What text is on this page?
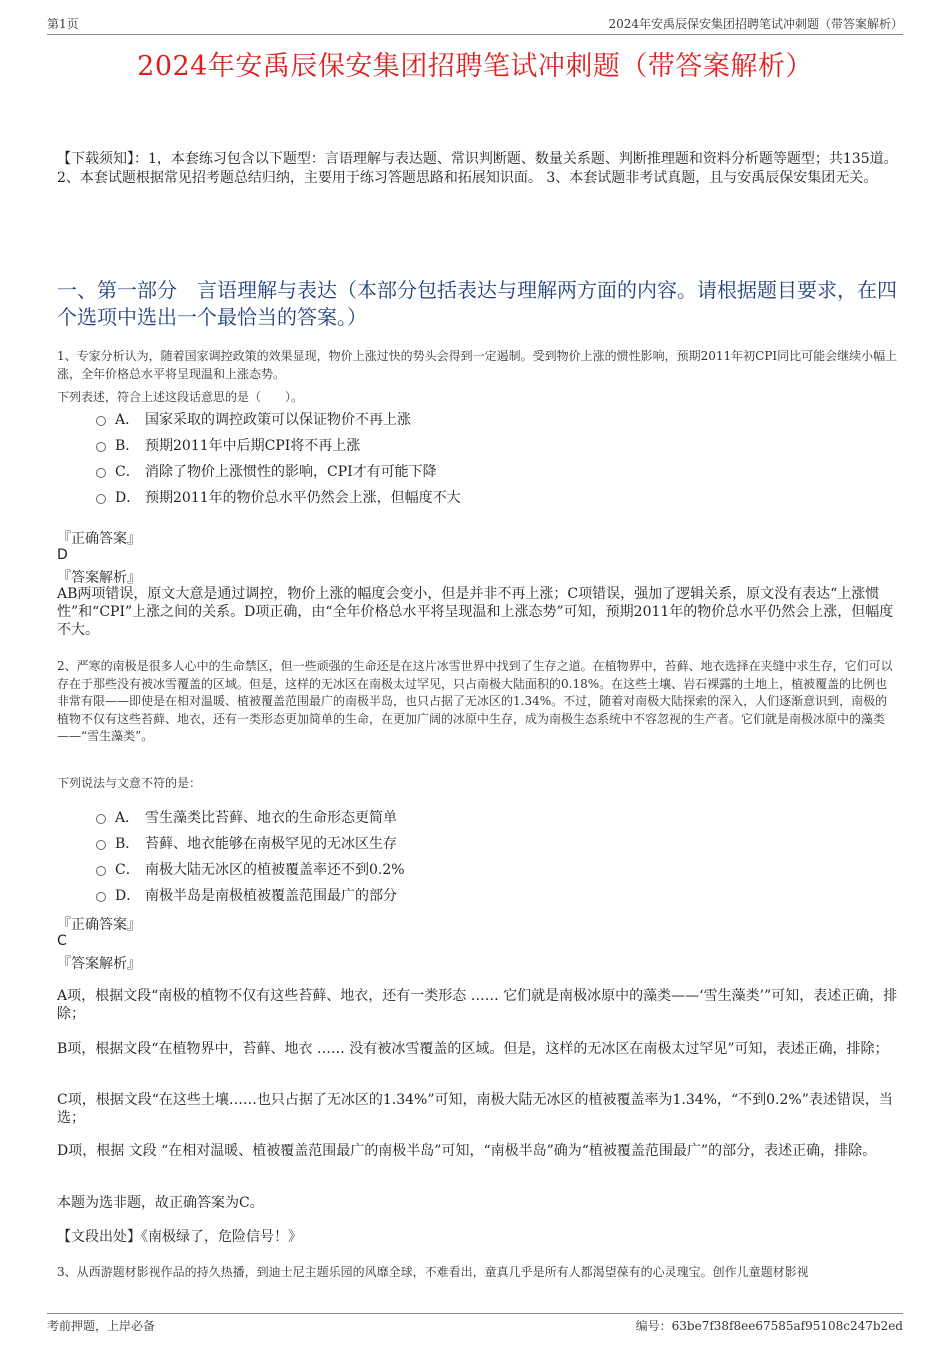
第1页	2024年安禹辰保安集团招聘笔试冲刺题（带答案解析）
2024年安禹辰保安集团招聘笔试冲刺题（带答案解析）
【下载须知】：1，本套练习包含以下题型：言语理解与表达题、常识判断题、数量关系题、判断推理题和资料分析题等题型；共135道。 2、本套试题根据常见招考题总结归纳，主要用于练习答题思路和拓展知识面。 3、本套试题非考试真题，且与安禹辰保安集团无关。
一、第一部分　言语理解与表达（本部分包括表达与理解两方面的内容。请根据题目要求，在四个选项中选出一个最恰当的答案。）
1、专家分析认为，随着国家调控政策的效果显现，物价上涨过快的势头会得到一定遏制。受到物价上涨的惯性影响，预期2011年初CPI同比可能会继续小幅上涨，全年价格总水平将呈现温和上涨态势。
下列表述，符合上述这段话意思的是（　　）。
A． 国家采取的调控政策可以保证物价不再上涨
B． 预期2011年中后期CPI将不再上涨
C． 消除了物价上涨惯性的影响，CPI才有可能下降
D． 预期2011年的物价总水平仍然会上涨，但幅度不大
『正确答案』
D
『答案解析』
AB两项错误，原文大意是通过调控，物价上涨的幅度会变小，但是并非不再上涨；C项错误，强加了逻辑关系，原文没有表达“上涨惯性”和“CPI”上涨之间的关系。D项正确，由“全年价格总水平将呈现温和上涨态势”可知，预期2011年的物价总水平仍然会上涨，但幅度不大。
2、严寒的南极是很多人心中的生命禁区，但一些顽强的生命还是在这片冰雪世界中找到了生存之道。在植物界中，苔藓、地衣选择在夹缝中求生存，它们可以存在于那些没有被冰雪覆盖的区域。但是，这样的无冰区在南极太过罕见，只占南极大陆面积的0.18%。在这些土壤、岩石裸露的土地上，植被覆盖的比例也非常有限——即使是在相对温暖、植被覆盖范围最广的南极半岛，也只占据了无冰区的1.34%。不过，随着对南极大陆探索的深入，人们逐渐意识到，南极的植物不仅有这些苔藓、地衣，还有一类形态更加简单的生命，在更加广阔的冰原中生存，成为南极生态系统中不容忽视的生产者。它们就是南极冰原中的藻类——“雪生藻类”。
下列说法与文意不符的是：
A． 雪生藻类比苔藓、地衣的生命形态更简单
B． 苔藓、地衣能够在南极罕见的无冰区生存
C． 南极大陆无冰区的植被覆盖率还不到0.2%
D． 南极半岛是南极植被覆盖范围最广的部分
『正确答案』
C
『答案解析』
A项，根据文段“南极的植物不仅有这些苔藓、地衣，还有一类形态 …… 它们就是南极冰原中的藻类——‘雪生藻类’”可知，表述正确，排除；
B项，根据文段“在植物界中，苔藓、地衣 …… 没有被冰雪覆盖的区域。但是，这样的无冰区在南极太过罕见”可知，表述正确，排除；
C项，根据文段“在这些土壤……也只占据了无冰区的1.34%”可知，南极大陆无冰区的植被覆盖率为1.34%，“不到0.2%”表述错误，当选；
D项，根据 文段 “在相对温暖、植被覆盖范围最广的南极半岛”可知，“南极半岛”确为“植被覆盖范围最广”的部分，表述正确，排除。
本题为选非题，故正确答案为C。
【文段出处】《南极绿了，危险信号！》
3、从西游题材影视作品的持久热播，到迪士尼主题乐园的风靡全球，不难看出，童真几乎是所有人都渴望葆有的心灵瑰宝。创作儿童题材影视
考前押题，上岸必备	编号：63be7f38f8ee67585af95108c247b2ed
